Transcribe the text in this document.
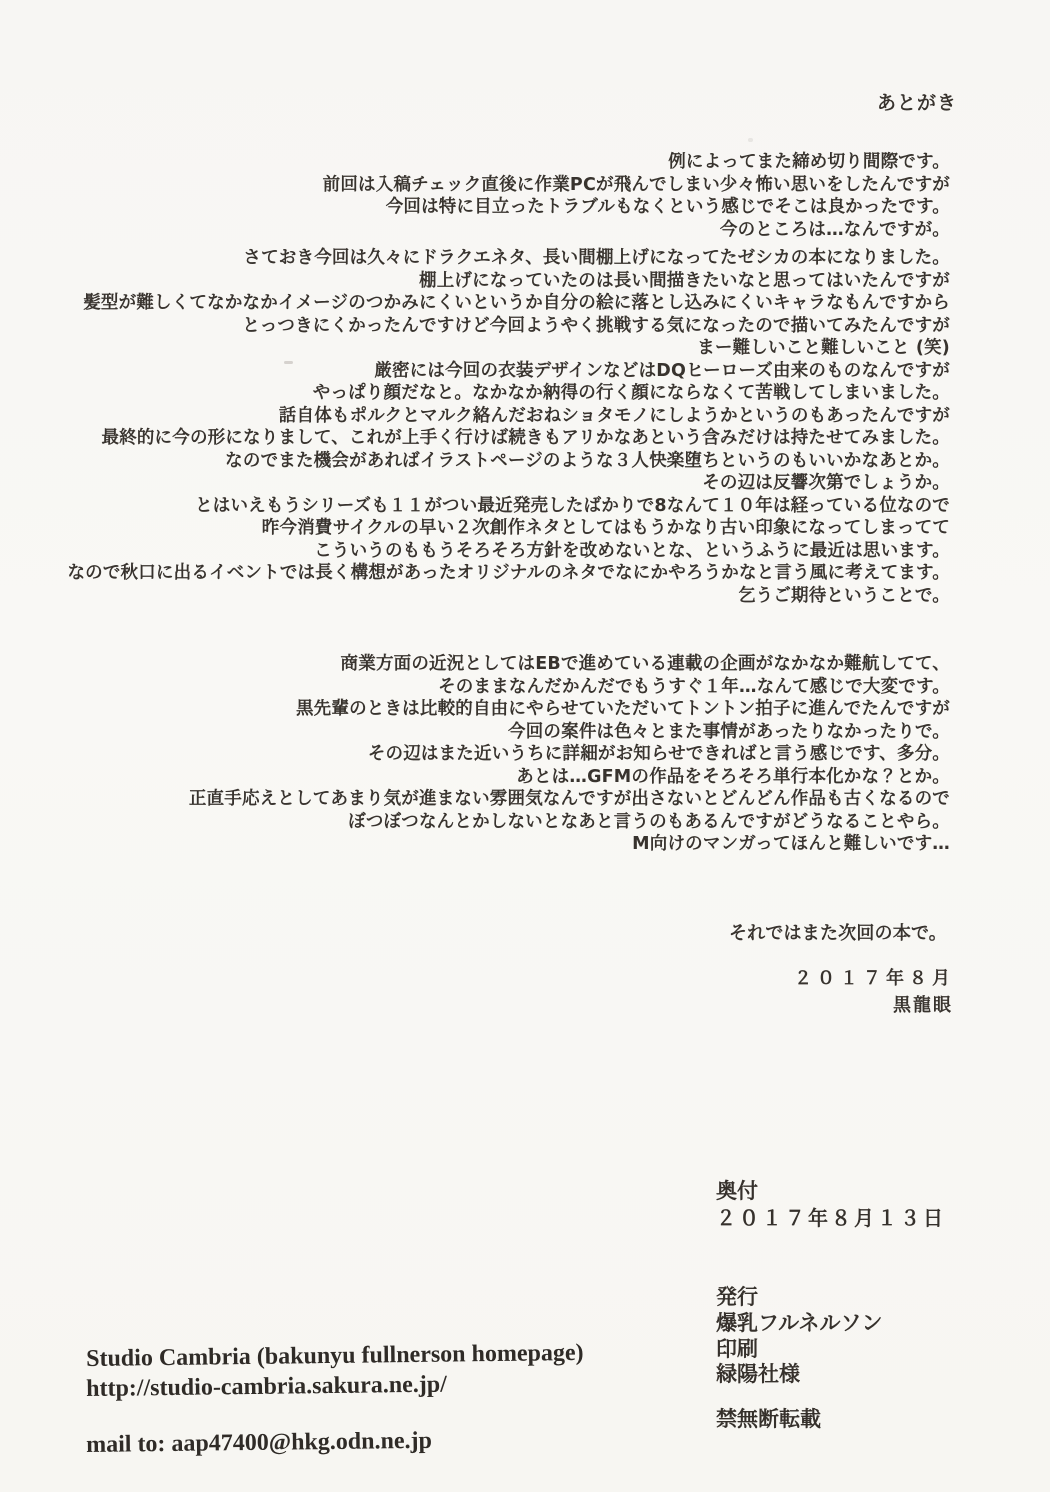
あとがき
例によってまた締め切り間際です。
前回は入稿チェック直後に作業PCが飛んでしまい少々怖い思いをしたんですが
今回は特に目立ったトラブルもなくという感じでそこは良かったです。
今のところは…なんですが。
さておき今回は久々にドラクエネタ、長い間棚上げになってたゼシカの本になりました。
棚上げになっていたのは長い間描きたいなと思ってはいたんですが
髪型が難しくてなかなかイメージのつかみにくいというか自分の絵に落とし込みにくいキャラなもんですから
とっつきにくかったんですけど今回ようやく挑戦する気になったので描いてみたんですが
まー難しいこと難しいこと (笑)
厳密には今回の衣装デザインなどはDQヒーローズ由来のものなんですが
やっぱり顔だなと。なかなか納得の行く顔にならなくて苦戦してしまいました。
話自体もポルクとマルク絡んだおねショタモノにしようかというのもあったんですが
最終的に今の形になりまして、これが上手く行けば続きもアリかなあという含みだけは持たせてみました。
なのでまた機会があればイラストページのような３人快楽堕ちというのもいいかなあとか。
その辺は反響次第でしょうか。
とはいえもうシリーズも１１がつい最近発売したばかりで8なんて１０年は経っている位なので
昨今消費サイクルの早い２次創作ネタとしてはもうかなり古い印象になってしまってて
こういうのももうそろそろ方針を改めないとな、というふうに最近は思います。
なので秋口に出るイベントでは長く構想があったオリジナルのネタでなにかやろうかなと言う風に考えてます。
乞うご期待ということで。
商業方面の近況としてはEBで進めている連載の企画がなかなか難航してて、
そのままなんだかんだでもうすぐ１年…なんて感じで大変です。
黒先輩のときは比較的自由にやらせていただいてトントン拍子に進んでたんですが
今回の案件は色々とまた事情があったりなかったりで。
その辺はまた近いうちに詳細がお知らせできればと言う感じです、多分。
あとは…GFMの作品をそろそろ単行本化かな？とか。
正直手応えとしてあまり気が進まない雰囲気なんですが出さないとどんどん作品も古くなるので
ぼつぼつなんとかしないとなあと言うのもあるんですがどうなることやら。
M向けのマンガってほんと難しいです…
それではまた次回の本で。
２０１７年８月
黒龍眼
奥付
２０１７年８月１３日
発行
爆乳フルネルソン
印刷
緑陽社様
禁無断転載
Studio Cambria (bakunyu fullnerson homepage)
http://studio-cambria.sakura.ne.jp/
mail to: aap47400@hkg.odn.ne.jp
